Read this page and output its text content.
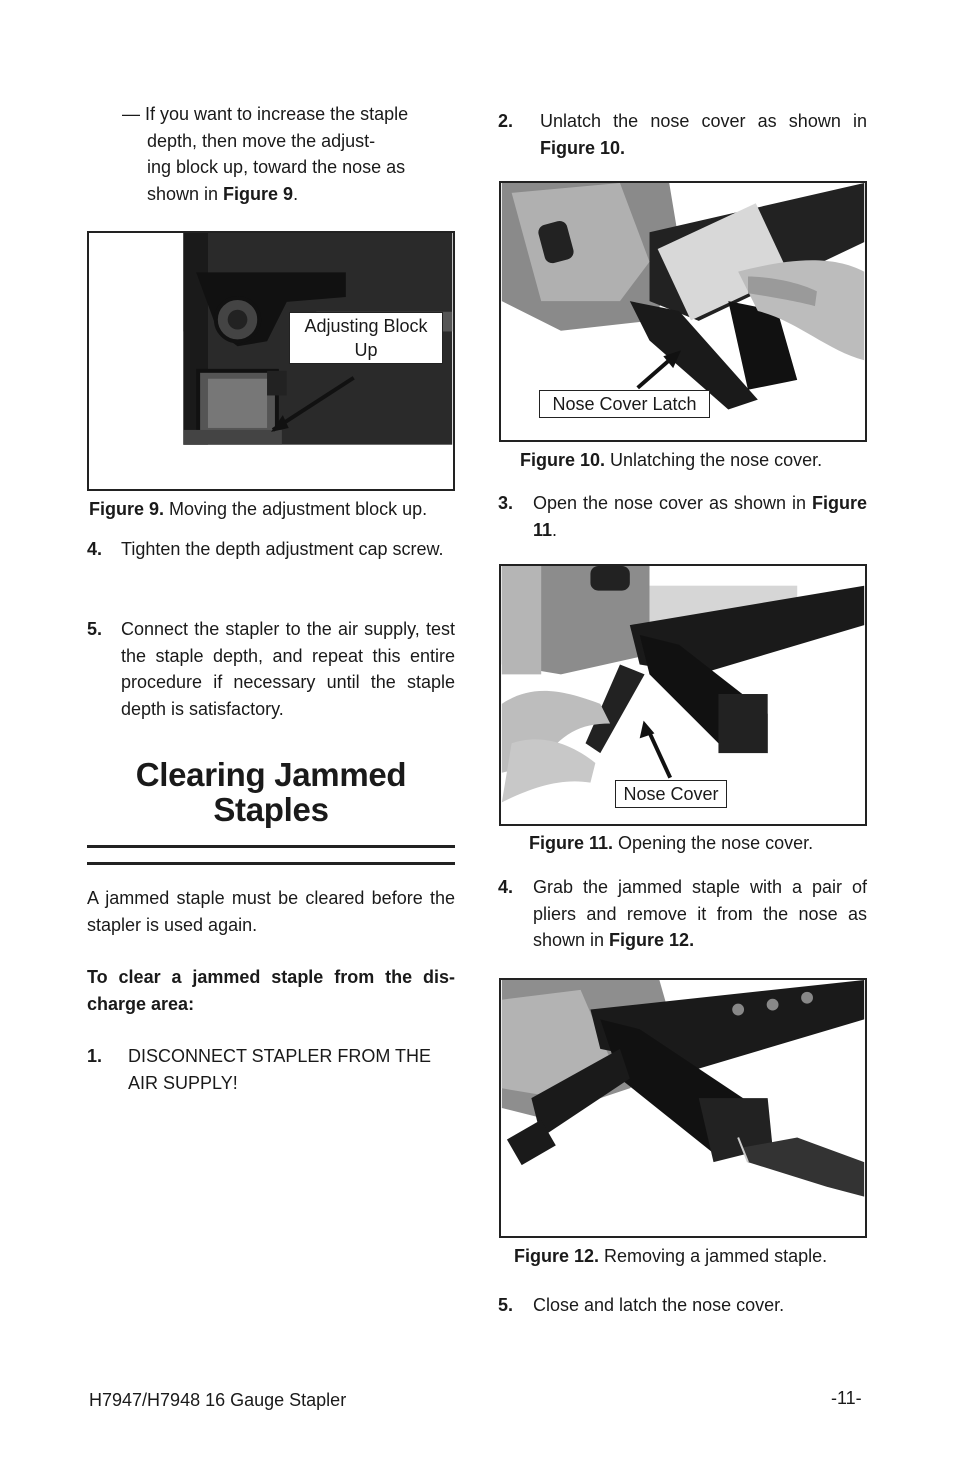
— If you want to increase the staple
depth, then move the adjust-
ing block up, toward the nose as
shown in Figure 9.
Adjusting Block
Up
Figure 9. Moving the adjustment block up.
4. Tighten the depth adjustment cap screw.
5. Connect the stapler to the air supply, test the staple depth, and repeat this entire procedure if necessary until the staple depth is satisfactory.
Clearing Jammed
Staples
A jammed staple must be cleared before the stapler is used again.
To clear a jammed staple from the dis-charge area:
1. DISCONNECT STAPLER FROM THE AIR SUPPLY!
2. Unlatch the nose cover as shown in Figure 10.
Nose Cover Latch
Figure 10. Unlatching the nose cover.
3. Open the nose cover as shown in Figure 11.
Nose Cover
Figure 11. Opening the nose cover.
4. Grab the jammed staple with a pair of pliers and remove it from the nose as shown in Figure 12.
Figure 12. Removing a jammed staple.
5. Close and latch the nose cover.
H7947/H7948 16 Gauge Stapler	-11-
